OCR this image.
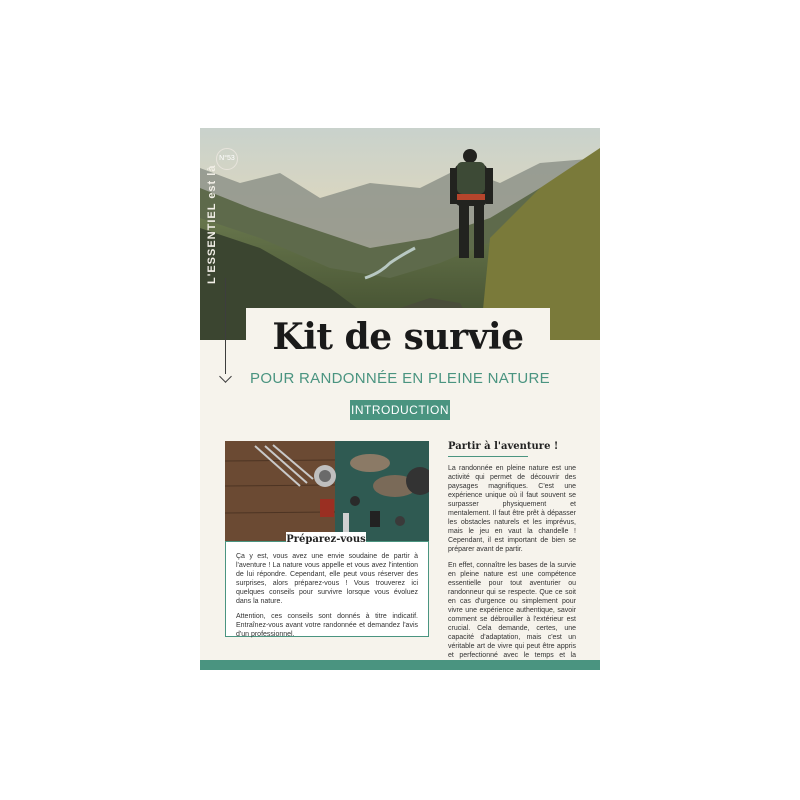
N°53
L'ESSENTIEL est là
Kit de survie
POUR RANDONNÉE EN PLEINE NATURE
INTRODUCTION
Préparez-vous

Ça y est, vous avez une envie soudaine de partir à l'aventure ! La nature vous appelle et vous avez l'intention de lui répondre. Cependant, elle peut vous réserver des surprises, alors préparez-vous ! Vous trouverez ici quelques conseils pour survivre lorsque vous évoluez dans la nature.

Attention, ces conseils sont donnés à titre indicatif. Entraînez-vous avant votre randonnée et demandez l'avis d'un professionnel.

Partir à l'aventure !

La randonnée en pleine nature est une activité qui permet de découvrir des paysages magnifiques. C'est une expérience unique où il faut souvent se surpasser physiquement et mentalement. Il faut être prêt à dépasser les obstacles naturels et les imprévus, mais le jeu en vaut la chandelle ! Cependant, il est important de bien se préparer avant de partir.

En effet, connaître les bases de la survie en pleine nature est une compétence essentielle pour tout aventurier ou randonneur qui se respecte. Que ce soit en cas d'urgence ou simplement pour vivre une expérience authentique, savoir comment se débrouiller à l'extérieur est crucial. Cela demande, certes, une capacité d'adaptation, mais c'est un véritable art de vivre qui peut être appris et perfectionné avec le temps et la
